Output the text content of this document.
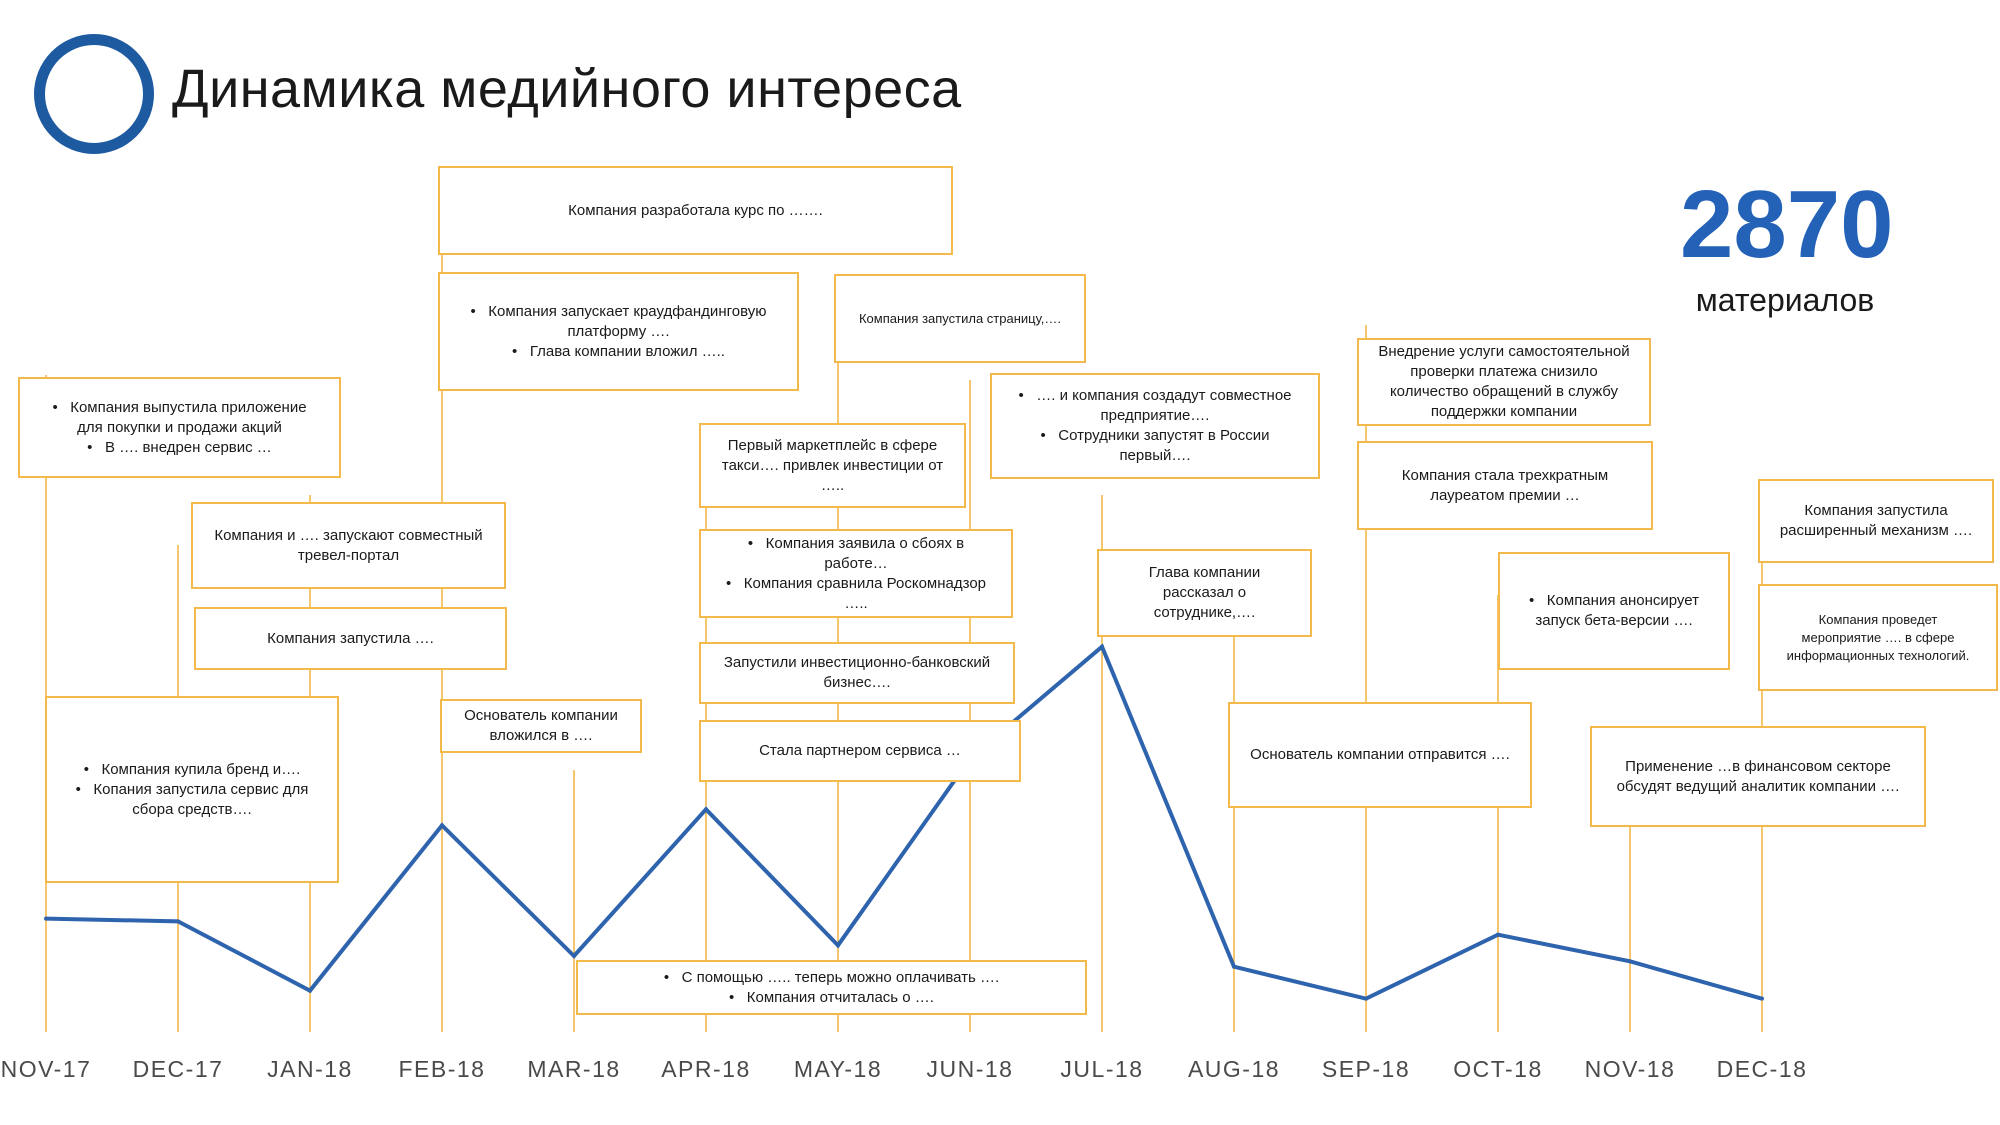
Динамика медийного интереса
NOV-17 DEC-17 JAN-18 FEB-18 MAR-18 APR-18 MAY-18 JUN-18 JUL-18 AUG-18 SEP-18 OCT-18 NOV-18 DEC-18
•   Компания выпустила приложение
для покупки и продажи акций
•   В …. внедрен сервис …
•   Компания купила бренд и….
•   Копания запустила сервис для
сбора средств….
Компания и …. запускают совместный
тревел-портал
Компания запустила ….
Компания разработала курс по …….
•   Компания запускает краудфандинговую
платформу ….
•   Глава компании вложил …..
Основатель компании
вложился в ….
•   С помощью ….. теперь можно оплачивать ….
•   Компания отчиталась о ….
Первый маркетплейс в сфере
такси…. привлек инвестиции от
…..
•   Компания заявила о сбоях в
работе…
•   Компания сравнила Роскомнадзор
…..
Запустили инвестиционно-банковский
бизнес….
Стала партнером сервиса …
Компания запустила страницу,….
•   …. и компания создадут совместное
предприятие….
•   Сотрудники запустят в России
первый….
Глава компании
рассказал о
сотруднике,….
Основатель компании отправится ….
Внедрение услуги самостоятельной
проверки платежа снизило
количество обращений в службу
поддержки компании
Компания стала трехкратным
лауреатом премии …
•   Компания анонсирует
запуск бета-версии ….
Применение …в финансовом секторе
обсудят ведущий аналитик компании ….
Компания запустила
расширенный механизм ….
Компания проведет
мероприятие …. в сфере
информационных технологий.
2870
материалов
